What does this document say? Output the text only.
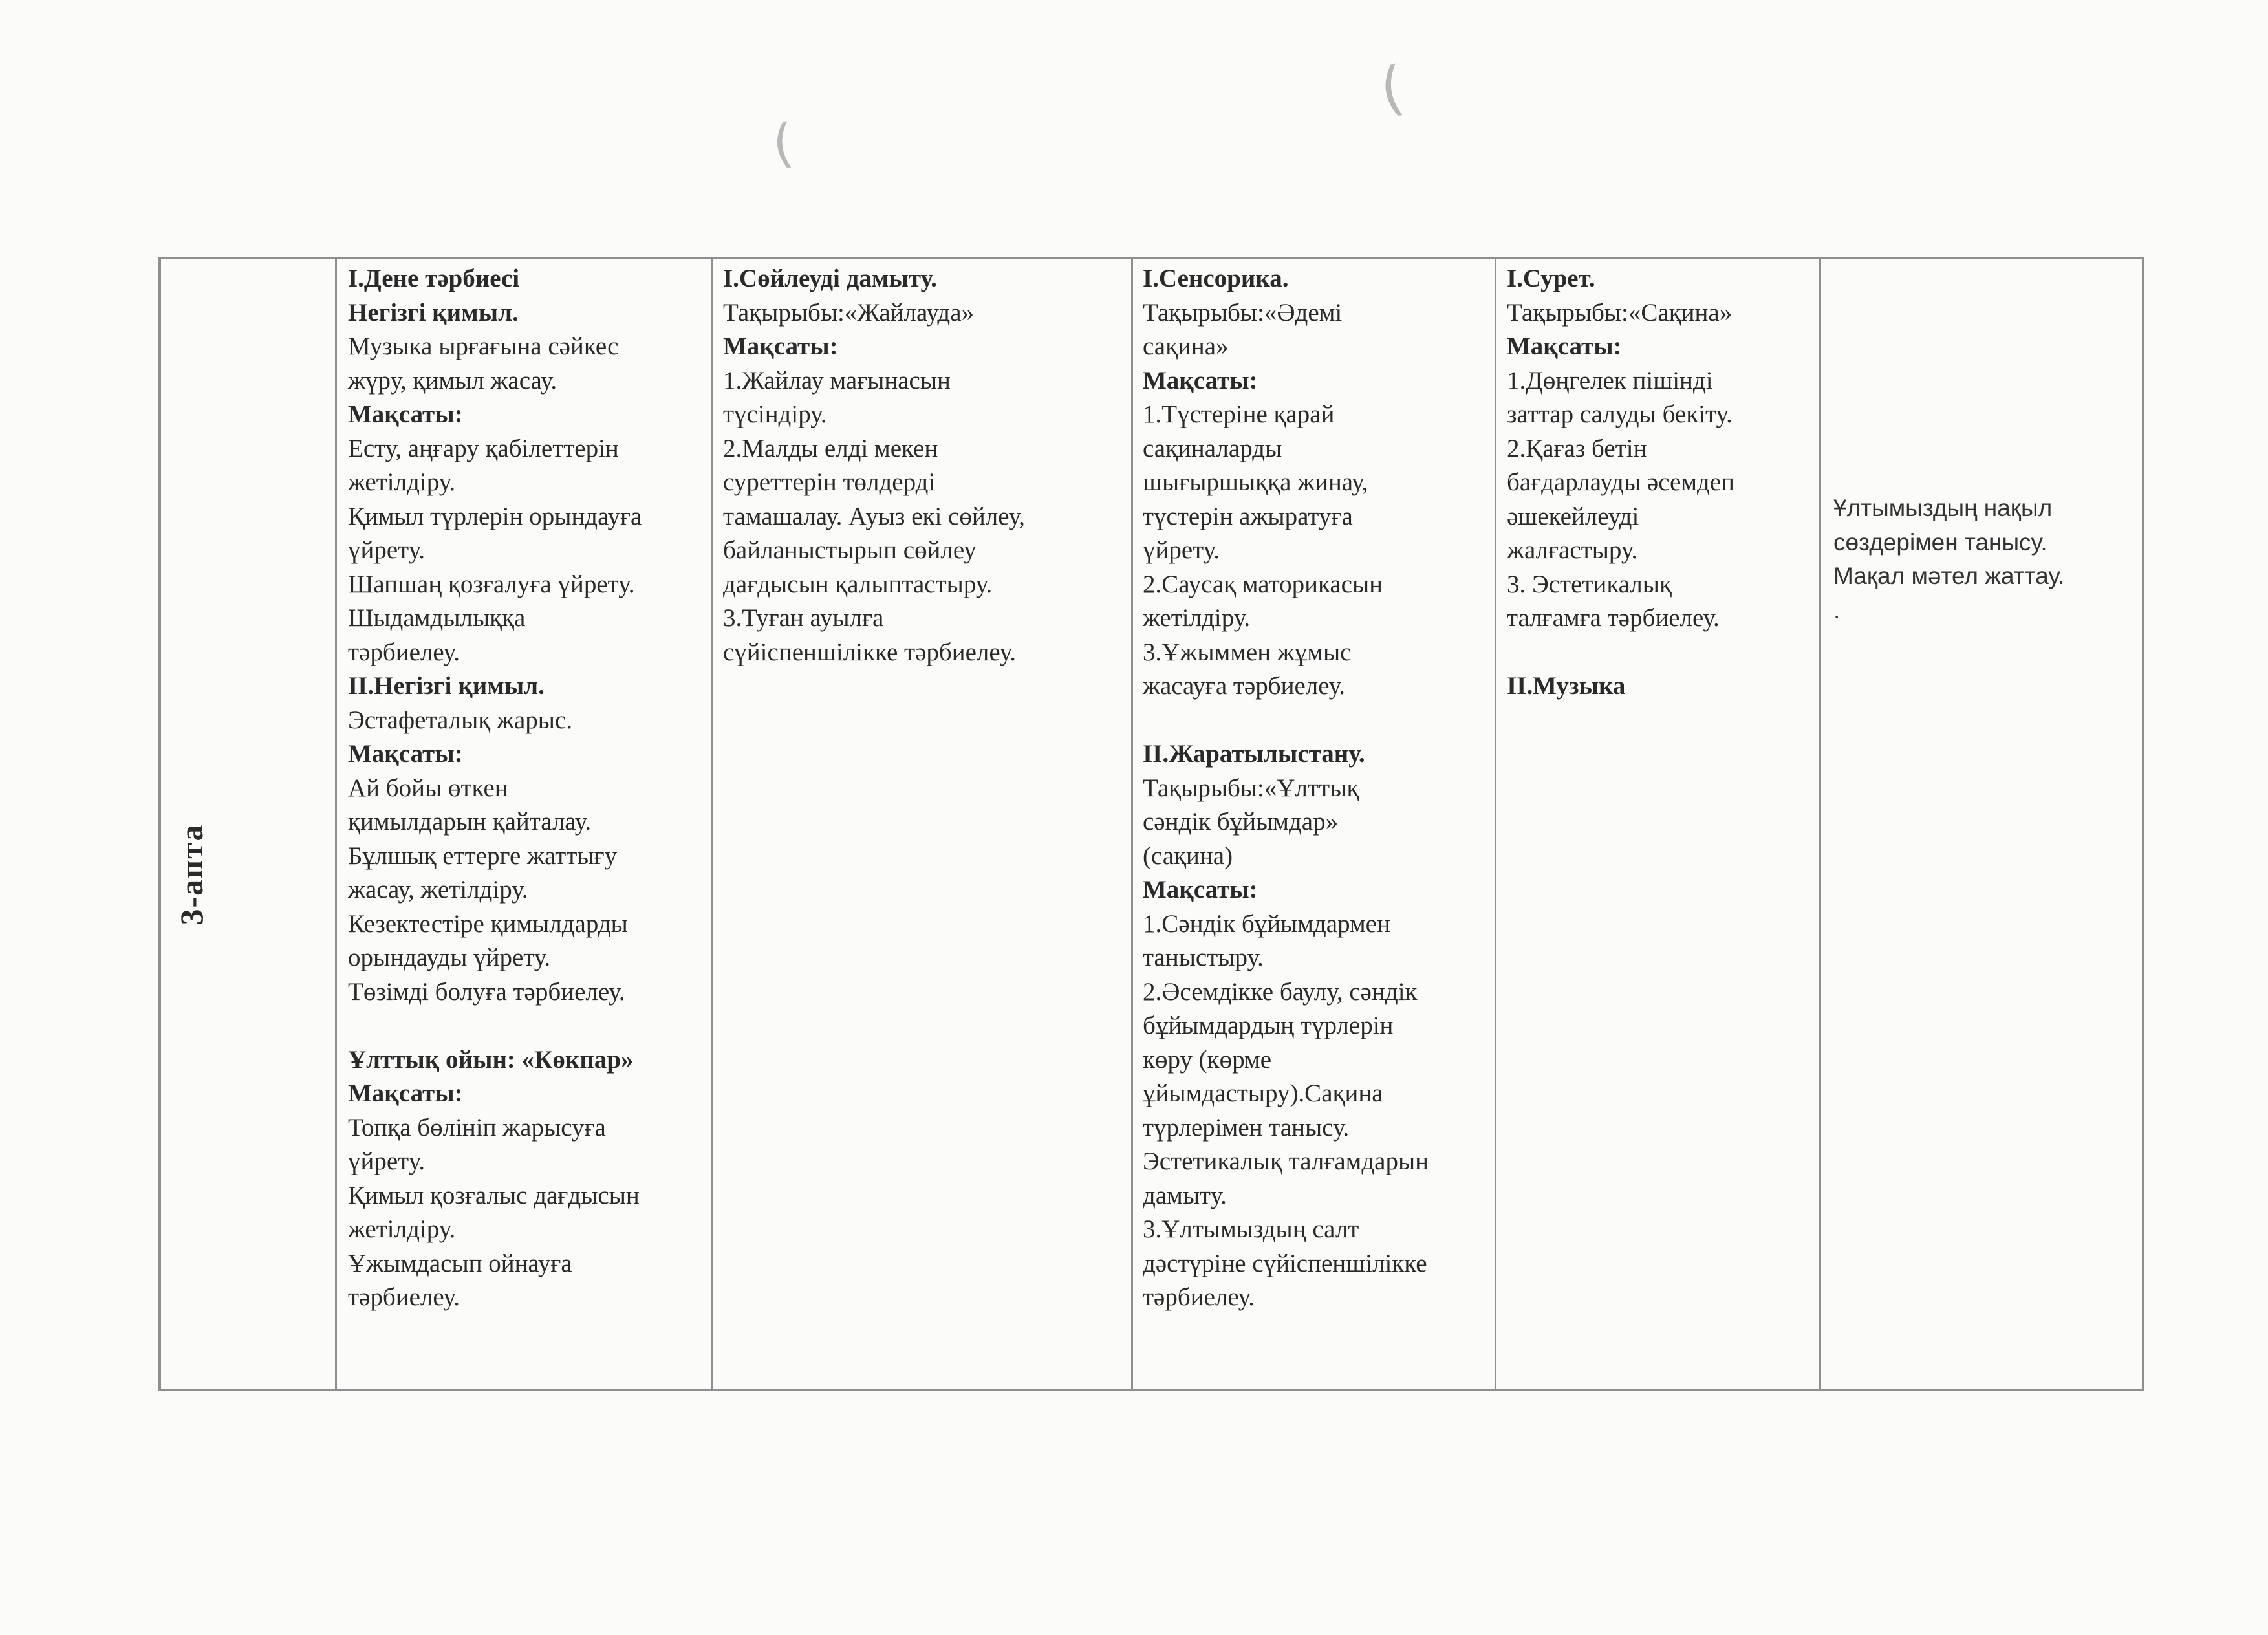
(
(
3-апта
І.Дене тәрбиесі
Негізгі қимыл.
Музыка ырғағына сәйкес
жүру, қимыл жасау.
Мақсаты:
Есту, аңғару қабілеттерін
жетілдіру.
Қимыл түрлерін орындауға
үйрету.
Шапшаң қозғалуға үйрету.
Шыдамдылыққа
тәрбиелеу.
ІІ.Негізгі қимыл.
Эстафеталық жарыс.
Мақсаты:
Ай бойы өткен
қимылдарын қайталау.
Бұлшық еттерге жаттығу
жасау, жетілдіру.
Кезектестіре қимылдарды
орындауды үйрету.
Төзімді болуға тәрбиелеу.

Ұлттық ойын: «Көкпар»
Мақсаты:
Топқа бөлініп жарысуға
үйрету.
Қимыл қозғалыс дағдысын
жетілдіру.
Ұжымдасып ойнауға
тәрбиелеу.
І.Сөйлеуді дамыту.
Тақырыбы:«Жайлауда»
Мақсаты:
1.Жайлау мағынасын
түсіндіру.
2.Малды елді мекен
суреттерін төлдерді
тамашалау. Ауыз екі сөйлеу,
байланыстырып сөйлеу
дағдысын қалыптастыру.
3.Туған ауылға
сүйіспеншілікке тәрбиелеу.
І.Сенсорика.
Тақырыбы:«Әдемі
сақина»
Мақсаты:
1.Түстеріне қарай
сақиналарды
шығыршыққа жинау,
түстерін ажыратуға
үйрету.
2.Саусақ маторикасын
жетілдіру.
3.Ұжыммен жұмыс
жасауға тәрбиелеу.

ІІ.Жаратылыстану.
Тақырыбы:«Ұлттық
сәндік бұйымдар»
(сақина)
Мақсаты:
1.Сәндік бұйымдармен
таныстыру.
2.Әсемдікке баулу, сәндік
бұйымдардың түрлерін
көру (көрме
ұйымдастыру).Сақина
түрлерімен танысу.
Эстетикалық талғамдарын
дамыту.
3.Ұлтымыздың салт
дәстүріне сүйіспеншілікке
тәрбиелеу.
І.Сурет.
Тақырыбы:«Сақина»
Мақсаты:
1.Дөңгелек пішінді
заттар салуды бекіту.
2.Қағаз бетін
бағдарлауды әсемдеп
әшекейлеуді
жалғастыру.
3. Эстетикалық
талғамға тәрбиелеу.

ІІ.Музыка
Ұлтымыздың нақыл
сөздерімен танысу.
Мақал мәтел жаттау.
.
